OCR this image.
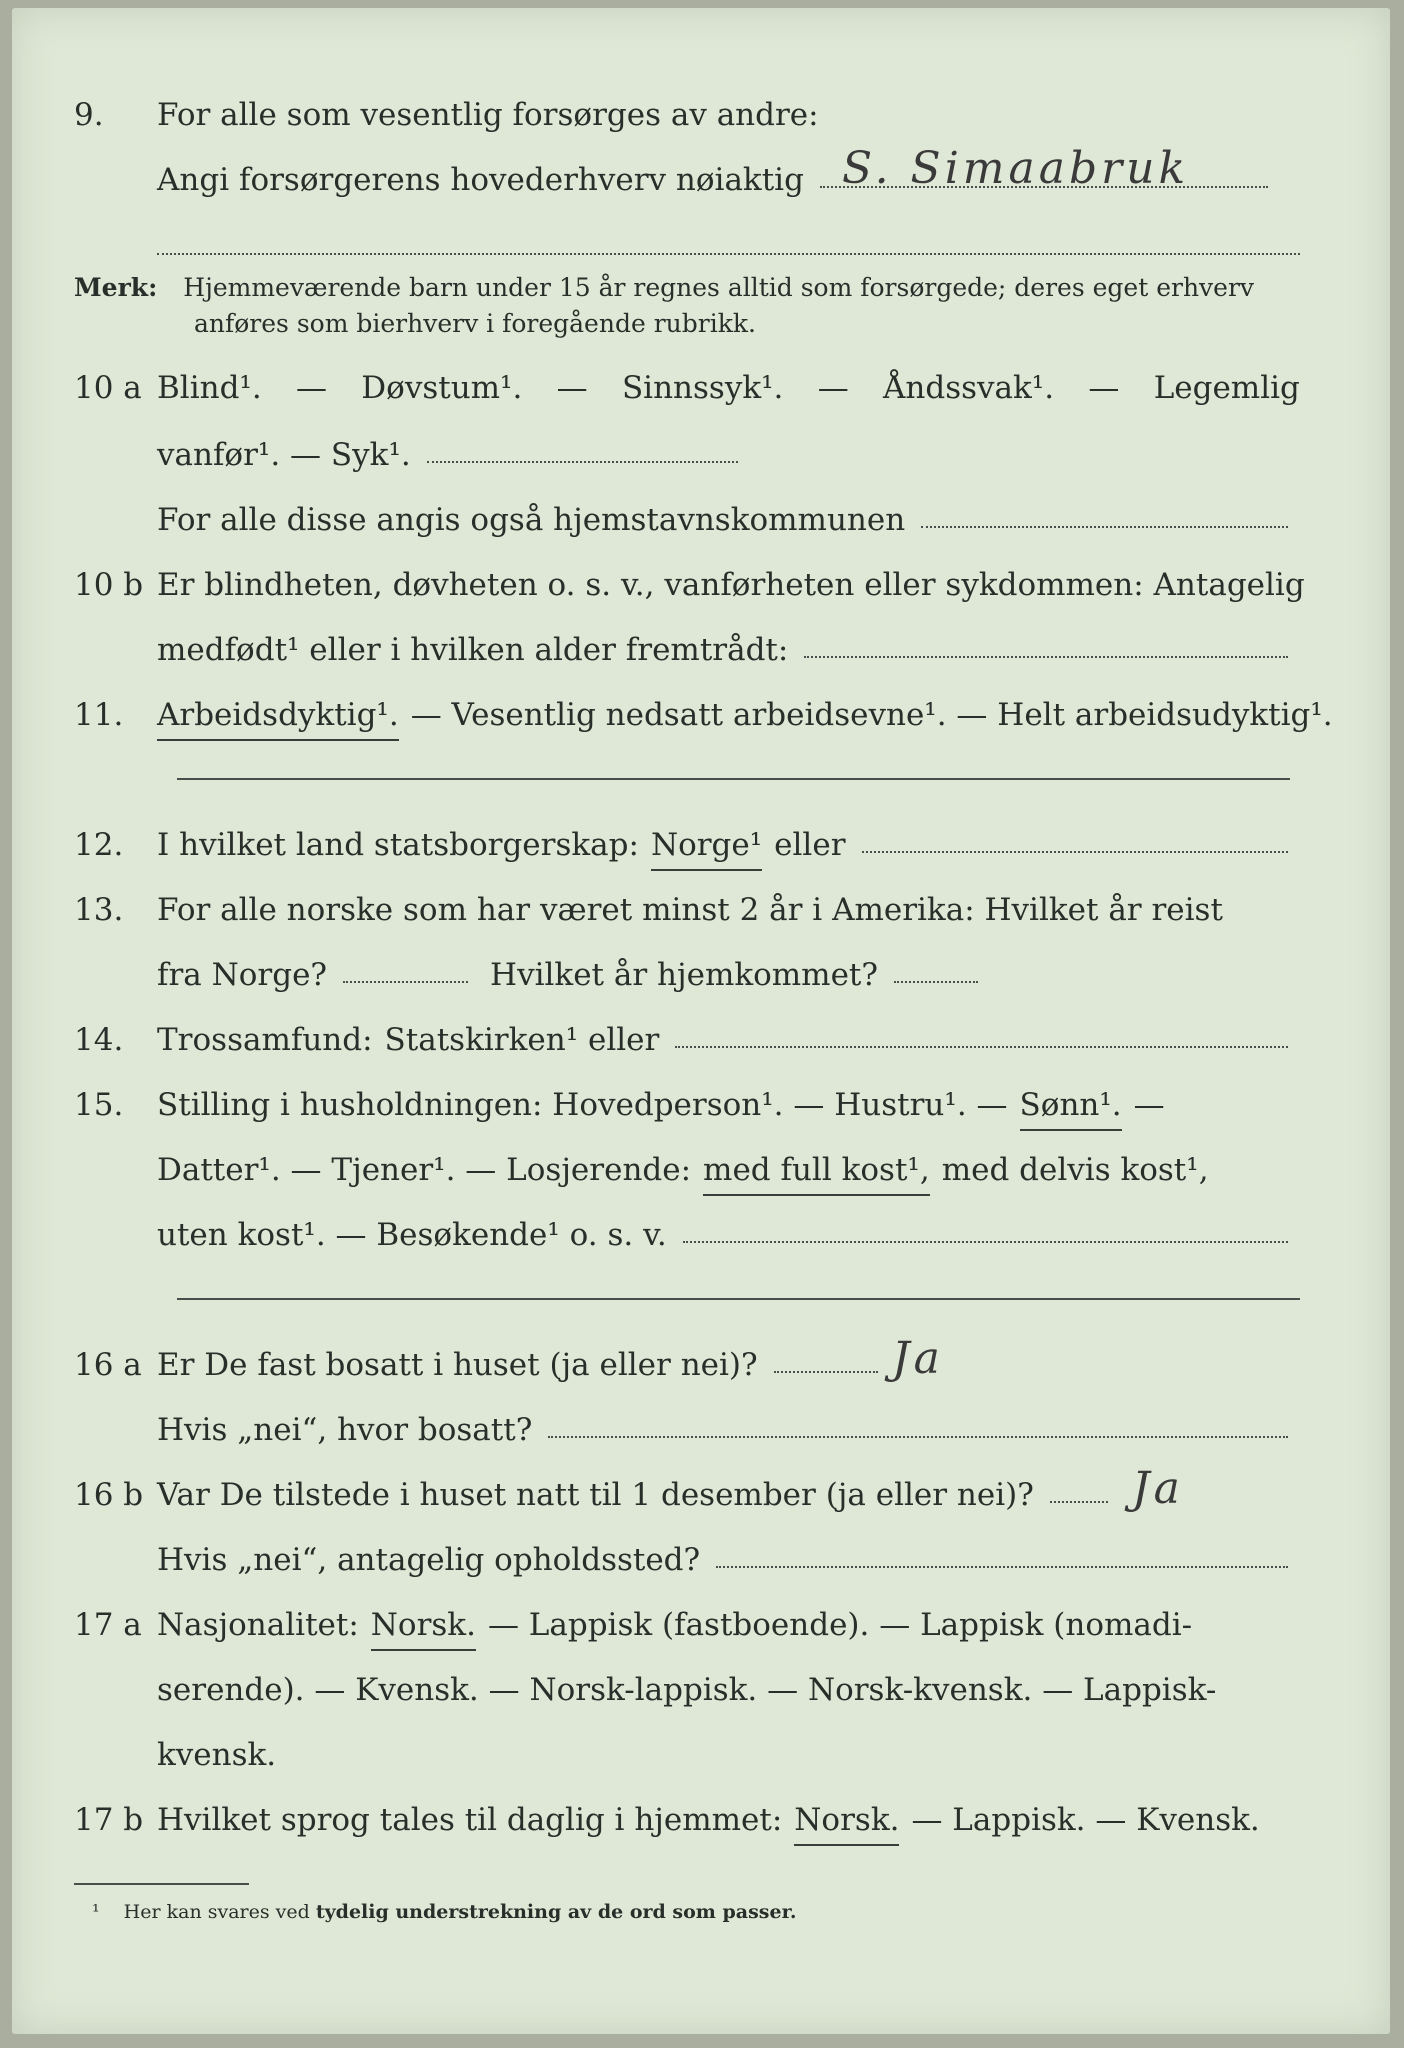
9. For alle som vesentlig forsørges av andre:
Angi forsørgerens hovederhverv nøiaktig S. Simaabruk
Merk: Hjemmeværende barn under 15 år regnes alltid som forsørgede; deres eget erhverv
anføres som bierhverv i foregående rubrikk.
10 a Blind¹. — Døvstum¹. — Sinnssyk¹. — Åndssvak¹. — Legemlig
vanfør¹. — Syk¹.
For alle disse angis også hjemstavnskommunen
10 b Er blindheten, døvheten o. s. v., vanførheten eller sykdommen: Antagelig
medfødt¹ eller i hvilken alder fremtrådt:
11. Arbeidsdyktig¹. — Vesentlig nedsatt arbeidsevne¹. — Helt arbeidsudyktig¹.
12. I hvilket land statsborgerskap: Norge¹ eller
13. For alle norske som har været minst 2 år i Amerika: Hvilket år reist
fra Norge?	Hvilket år hjemkommet?
14. Trossamfund: Statskirken¹ eller
15. Stilling i husholdningen: Hovedperson¹. — Hustru¹. — Sønn¹. —
Datter¹. — Tjener¹. — Losjerende: med full kost¹, med delvis kost¹,
uten kost¹. — Besøkende¹ o. s. v.
16 a Er De fast bosatt i huset (ja eller nei)?	Ja
Hvis „nei“, hvor bosatt?
16 b Var De tilstede i huset natt til 1 desember (ja eller nei)? Ja
Hvis „nei“, antagelig opholdssted?
17 a Nasjonalitet: Norsk. — Lappisk (fastboende). — Lappisk (nomadi-
serende). — Kvensk. — Norsk-lappisk. — Norsk-kvensk. — Lappisk-
kvensk.
17 b Hvilket sprog tales til daglig i hjemmet: Norsk. — Lappisk. — Kvensk.
¹ Her kan svares ved tydelig understrekning av de ord som passer.
